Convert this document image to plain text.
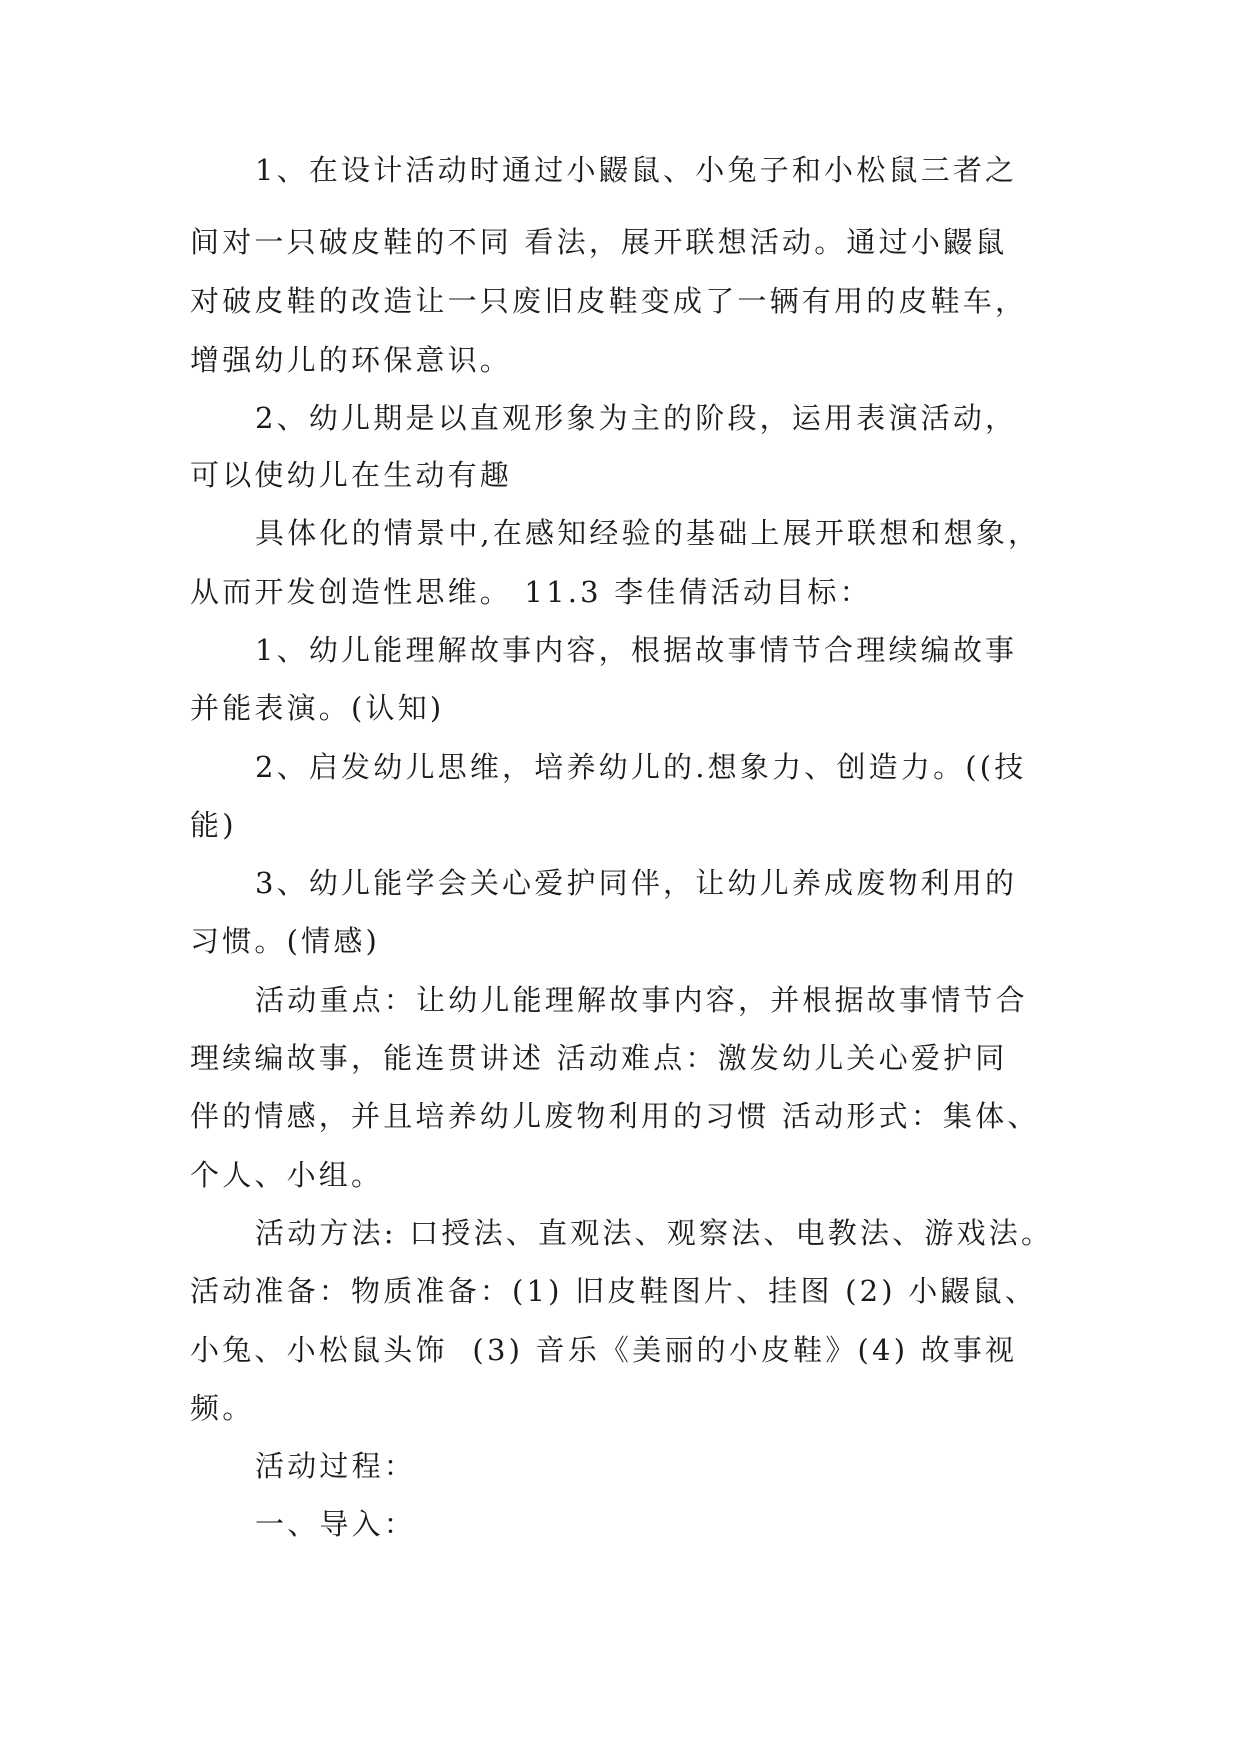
1、在设计活动时通过小鼹鼠、小兔子和小松鼠三者之
间对一只破皮鞋的不同 看法，展开联想活动。通过小鼹鼠
对破皮鞋的改造让一只废旧皮鞋变成了一辆有用的皮鞋车，
增强幼儿的环保意识。
2、幼儿期是以直观形象为主的阶段，运用表演活动，
可以使幼儿在生动有趣
具体化的情景中,在感知经验的基础上展开联想和想象，
从而开发创造性思维。 11.3 李佳倩活动目标：
1、幼儿能理解故事内容，根据故事情节合理续编故事
并能表演。(认知)
2、启发幼儿思维，培养幼儿的.想象力、创造力。((技
能)
3、幼儿能学会关心爱护同伴，让幼儿养成废物利用的
习惯。(情感)
活动重点：让幼儿能理解故事内容，并根据故事情节合
理续编故事，能连贯讲述 活动难点：激发幼儿关心爱护同
伴的情感，并且培养幼儿废物利用的习惯 活动形式：集体、
个人、小组。
活动方法: 口授法、直观法、观察法、电教法、游戏法。
活动准备：物质准备：(1) 旧皮鞋图片、挂图 (2) 小鼹鼠、
小兔、小松鼠头饰  (3) 音乐《美丽的小皮鞋》(4) 故事视
频。
活动过程：
一、导入：
